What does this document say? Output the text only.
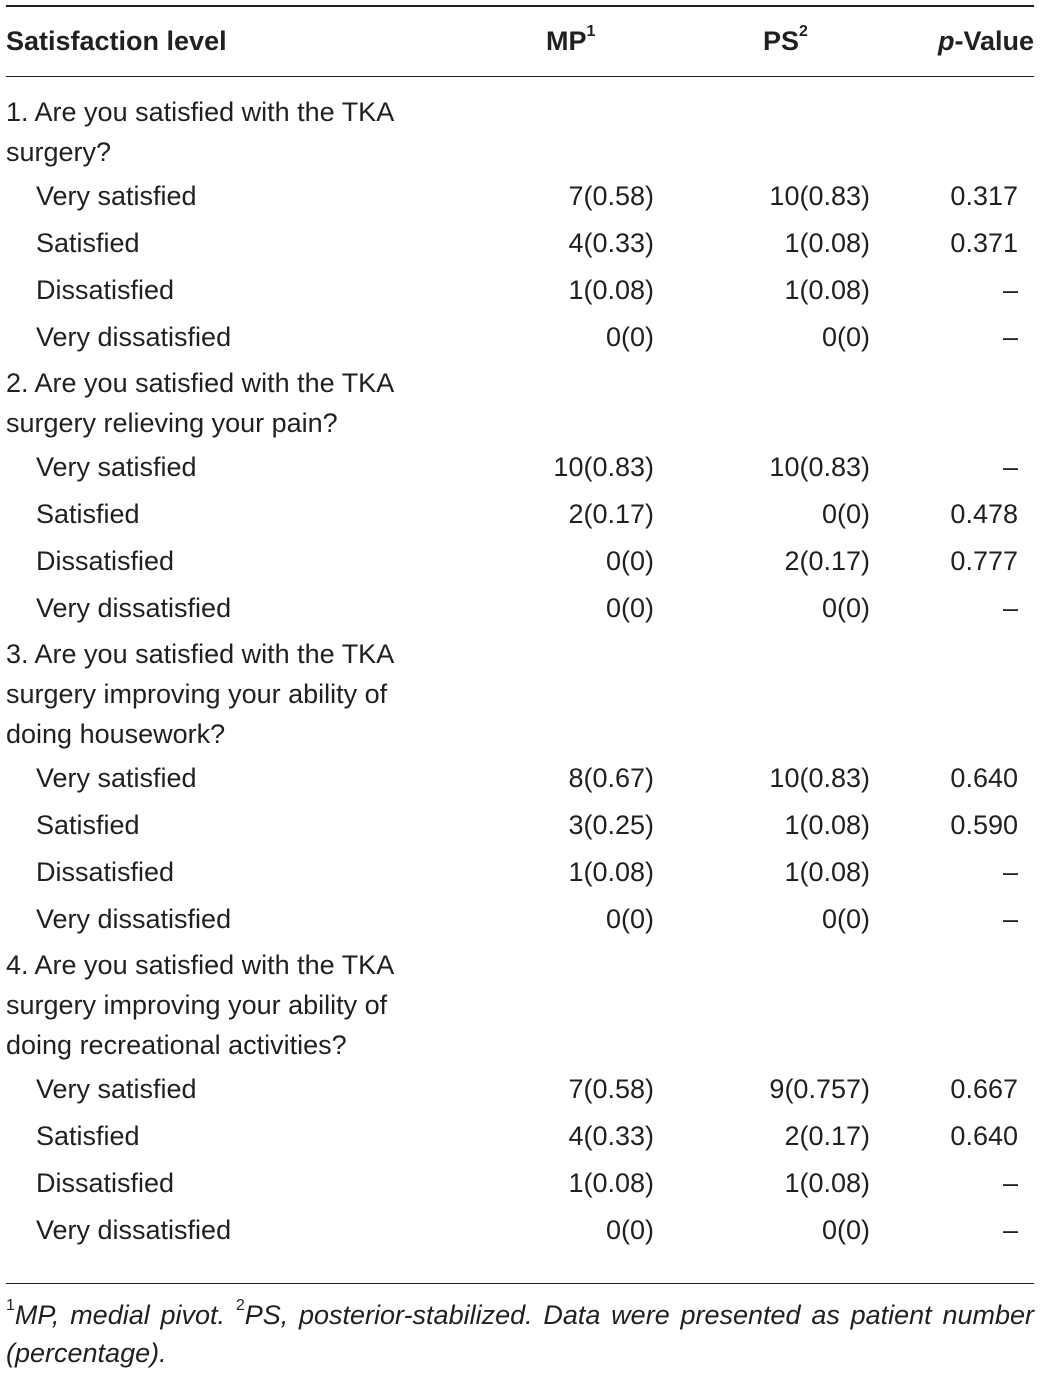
Satisfaction level	$MP^1$	$PS^2$	p-Value
1. Are you satisfied with the TKA surgery?
Very satisfied	7(0.58)	10(0.83)	0.317
Satisfied	4(0.33)	1(0.08)	0.371
Dissatisfied	1(0.08)	1(0.08)	–
Very dissatisfied	0(0)	0(0)	–
2. Are you satisfied with the TKA surgery relieving your pain?
Very satisfied	10(0.83)	10(0.83)	–
Satisfied	2(0.17)	0(0)	0.478
Dissatisfied	0(0)	2(0.17)	0.777
Very dissatisfied	0(0)	0(0)	–
3. Are you satisfied with the TKA surgery improving your ability of doing housework?
Very satisfied	8(0.67)	10(0.83)	0.640
Satisfied	3(0.25)	1(0.08)	0.590
Dissatisfied	1(0.08)	1(0.08)	–
Very dissatisfied	0(0)	0(0)	–
4. Are you satisfied with the TKA surgery improving your ability of doing recreational activities?
Very satisfied	7(0.58)	9(0.757)	0.667
Satisfied	4(0.33)	2(0.17)	0.640
Dissatisfied	1(0.08)	1(0.08)	–
Very dissatisfied	0(0)	0(0)	–
$^1$MP, medial pivot. $^2$PS, posterior-stabilized. Data were presented as patient number (percentage).
